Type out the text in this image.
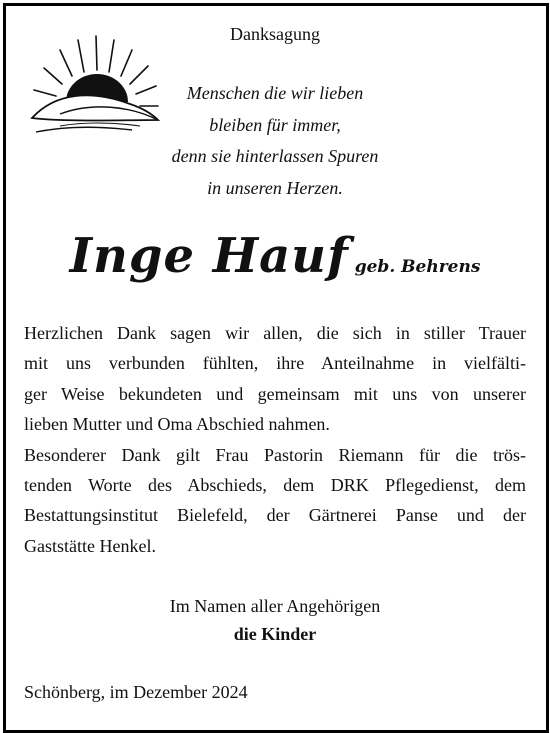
Danksagung
Menschen die wir lieben
bleiben für immer,
denn sie hinterlassen Spuren
in unseren Herzen.
Inge Hauf geb. Behrens
Herzlichen Dank sagen wir allen, die sich in stiller Trauer
mit uns verbunden fühlten, ihre Anteilnahme in vielfälti-
ger Weise bekundeten und gemeinsam mit uns von unserer
lieben Mutter und Oma Abschied nahmen.
Besonderer Dank gilt Frau Pastorin Riemann für die trös-
tenden Worte des Abschieds, dem DRK Pflegedienst, dem
Bestattungsinstitut Bielefeld, der Gärtnerei Panse und der
Gaststätte Henkel.
Im Namen aller Angehörigen
die Kinder
Schönberg, im Dezember 2024
